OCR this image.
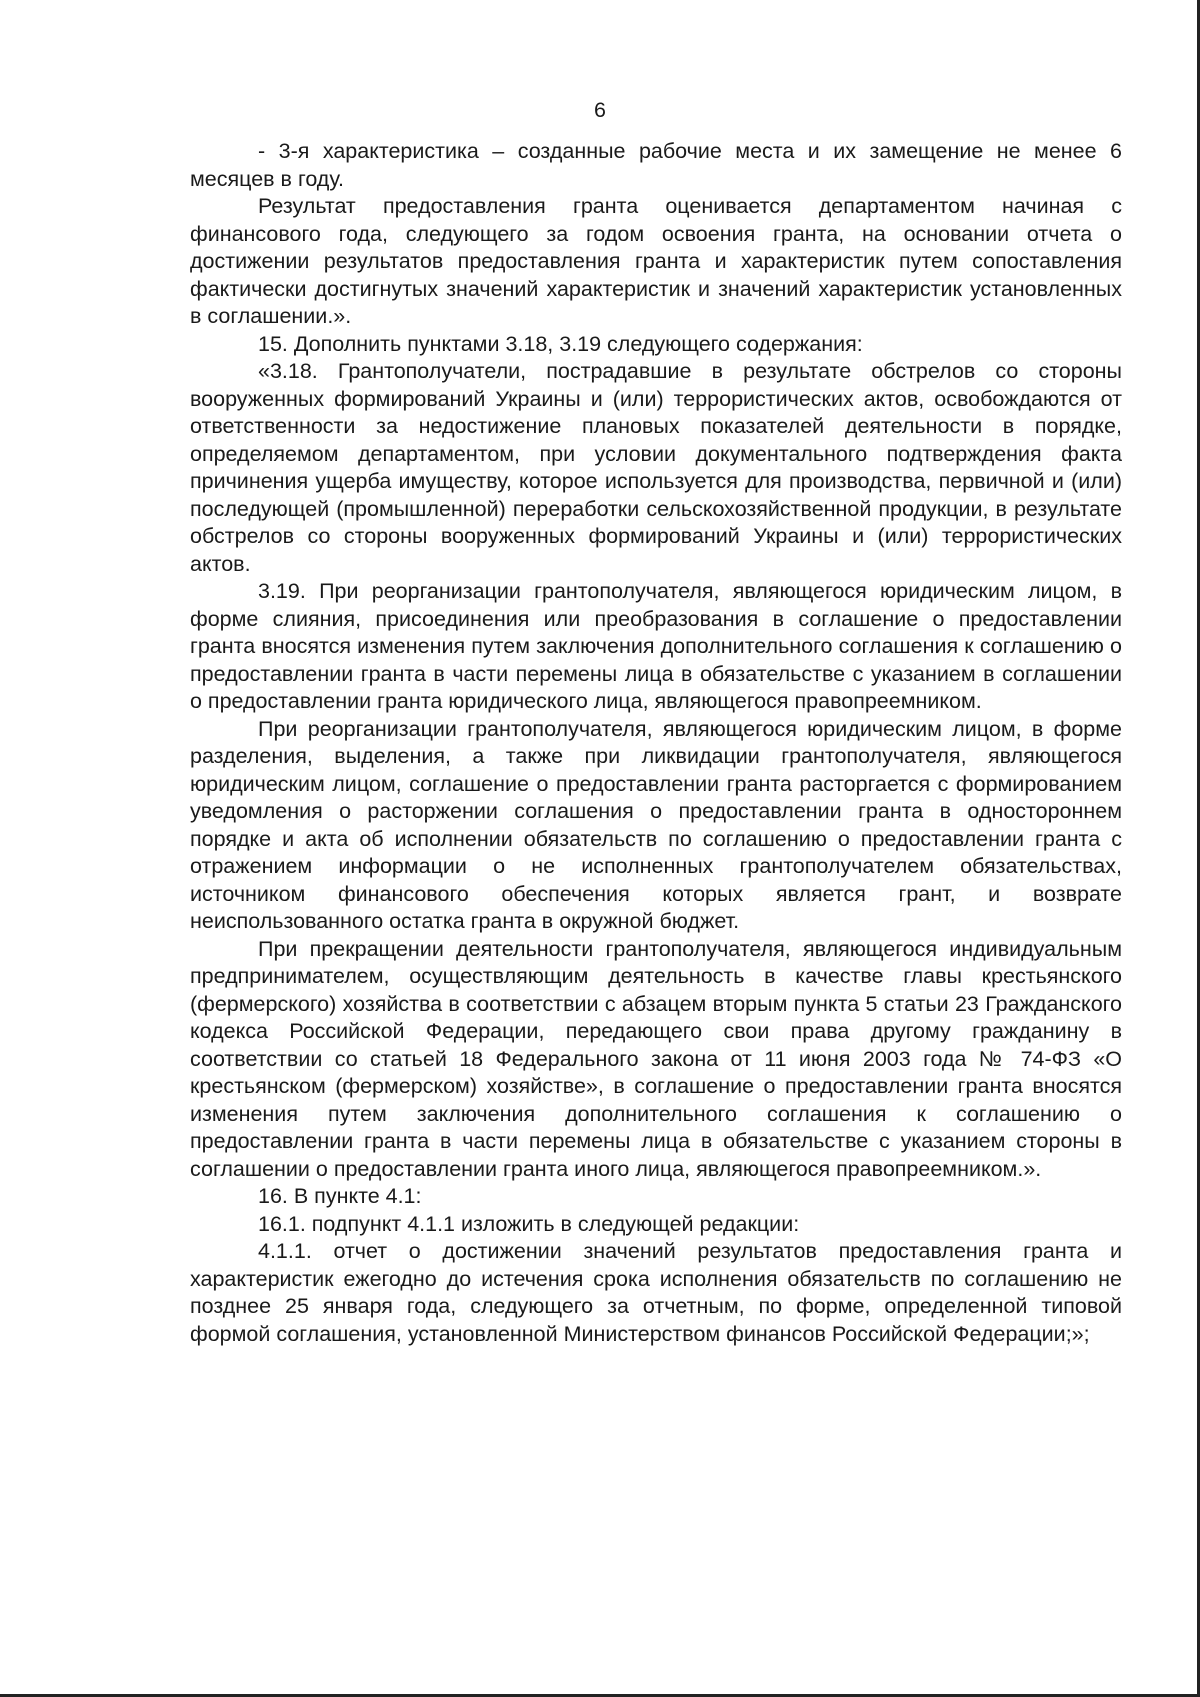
6

- 3-я характеристика – созданные рабочие места и их замещение не менее 6 месяцев в году.

Результат предоставления гранта оценивается департаментом начиная с финансового года, следующего за годом освоения гранта, на основании отчета о достижении результатов предоставления гранта и характеристик путем сопоставления фактически достигнутых значений характеристик и значений характеристик установленных в соглашении.».

15. Дополнить пунктами 3.18, 3.19 следующего содержания:

«3.18. Грантополучатели, пострадавшие в результате обстрелов со стороны вооруженных формирований Украины и (или) террористических актов, освобождаются от ответственности за недостижение плановых показателей деятельности в порядке, определяемом департаментом, при условии документального подтверждения факта причинения ущерба имуществу, которое используется для производства, первичной и (или) последующей (промышленной) переработки сельскохозяйственной продукции, в результате обстрелов со стороны вооруженных формирований Украины и (или) террористических актов.

3.19. При реорганизации грантополучателя, являющегося юридическим лицом, в форме слияния, присоединения или преобразования в соглашение о предоставлении гранта вносятся изменения путем заключения дополнительного соглашения к соглашению о предоставлении гранта в части перемены лица в обязательстве с указанием в соглашении о предоставлении гранта юридического лица, являющегося правопреемником.

При реорганизации грантополучателя, являющегося юридическим лицом, в форме разделения, выделения, а также при ликвидации грантополучателя, являющегося юридическим лицом, соглашение о предоставлении гранта расторгается с формированием уведомления о расторжении соглашения о предоставлении гранта в одностороннем порядке и акта об исполнении обязательств по соглашению о предоставлении гранта с отражением информации о не исполненных грантополучателем обязательствах, источником финансового обеспечения которых является грант, и возврате неиспользованного остатка гранта в окружной бюджет.

При прекращении деятельности грантополучателя, являющегося индивидуальным предпринимателем, осуществляющим деятельность в качестве главы крестьянского (фермерского) хозяйства в соответствии с абзацем вторым пункта 5 статьи 23 Гражданского кодекса Российской Федерации, передающего свои права другому гражданину в соответствии со статьей 18 Федерального закона от 11 июня 2003 года № 74-ФЗ «О крестьянском (фермерском) хозяйстве», в соглашение о предоставлении гранта вносятся изменения путем заключения дополнительного соглашения к соглашению о предоставлении гранта в части перемены лица в обязательстве с указанием стороны в соглашении о предоставлении гранта иного лица, являющегося правопреемником.».

16. В пункте 4.1:

16.1. подпункт 4.1.1 изложить в следующей редакции:

4.1.1. отчет о достижении значений результатов предоставления гранта и характеристик ежегодно до истечения срока исполнения обязательств по соглашению не позднее 25 января года, следующего за отчетным, по форме, определенной типовой формой соглашения, установленной Министерством финансов Российской Федерации;»;
